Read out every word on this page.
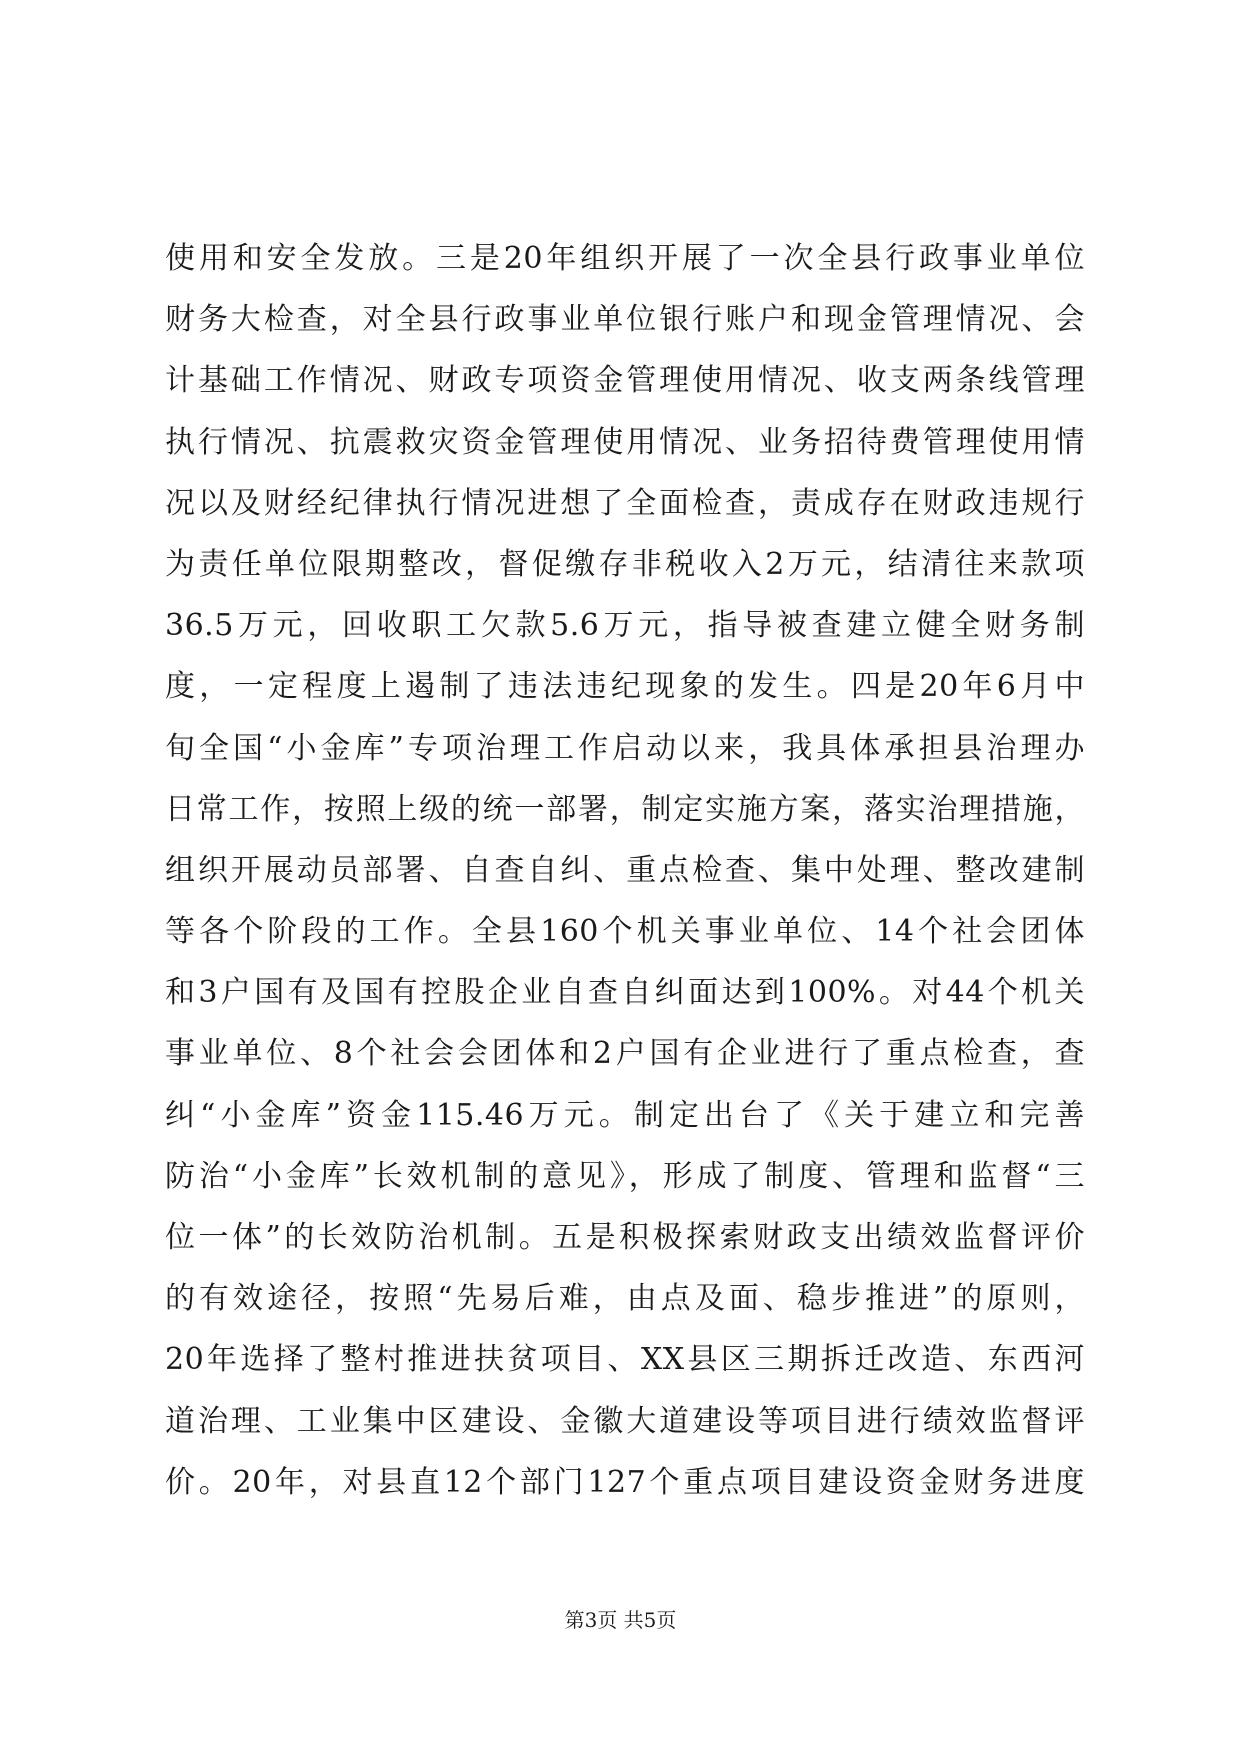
使用和安全发放。三是20年组织开展了一次全县行政事业单位
财务大检查，对全县行政事业单位银行账户和现金管理情况、会
计基础工作情况、财政专项资金管理使用情况、收支两条线管理
执行情况、抗震救灾资金管理使用情况、业务招待费管理使用情
况以及财经纪律执行情况进想了全面检查，责成存在财政违规行
为责任单位限期整改，督促缴存非税收入2万元，结清往来款项
36.5万元，回收职工欠款5.6万元，指导被查建立健全财务制
度，一定程度上遏制了违法违纪现象的发生。四是20年6月中
旬全国“小金库”专项治理工作启动以来，我具体承担县治理办
日常工作，按照上级的统一部署，制定实施方案，落实治理措施，
组织开展动员部署、自查自纠、重点检查、集中处理、整改建制
等各个阶段的工作。全县160个机关事业单位、14个社会团体
和3户国有及国有控股企业自查自纠面达到100%。对44个机关
事业单位、8个社会会团体和2户国有企业进行了重点检查，查
纠“小金库”资金115.46万元。制定出台了《关于建立和完善
防治“小金库”长效机制的意见》，形成了制度、管理和监督“三
位一体”的长效防治机制。五是积极探索财政支出绩效监督评价
的有效途径，按照“先易后难，由点及面、稳步推进”的原则，
20年选择了整村推进扶贫项目、XX县区三期拆迁改造、东西河
道治理、工业集中区建设、金徽大道建设等项目进行绩效监督评
价。20年，对县直12个部门127个重点项目建设资金财务进度
第3页 共5页
